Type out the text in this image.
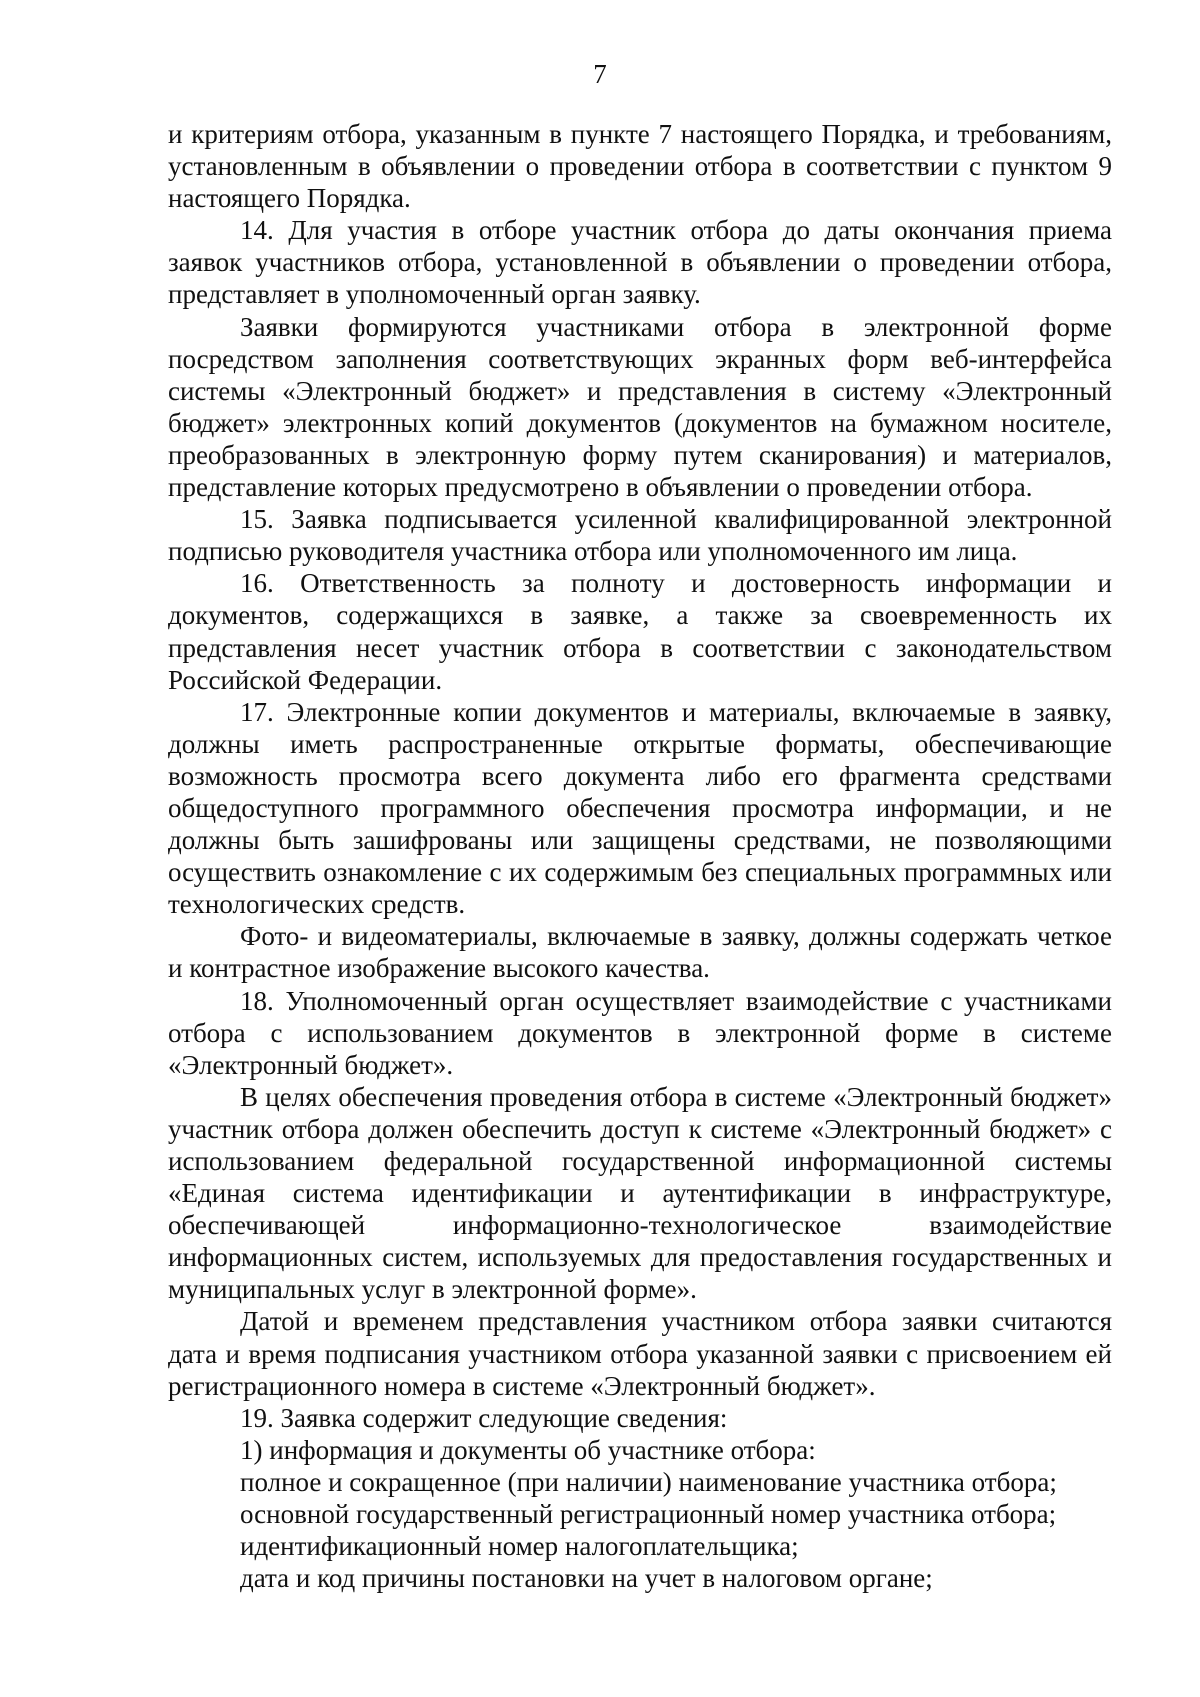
7

и критериям отбора, указанным в пункте 7 настоящего Порядка, и требованиям, установленным в объявлении о проведении отбора в соответствии с пунктом 9 настоящего Порядка.

14. Для участия в отборе участник отбора до даты окончания приема заявок участников отбора, установленной в объявлении о проведении отбора, представляет в уполномоченный орган заявку.

Заявки формируются участниками отбора в электронной форме посредством заполнения соответствующих экранных форм веб-интерфейса системы «Электронный бюджет» и представления в систему «Электронный бюджет» электронных копий документов (документов на бумажном носителе, преобразованных в электронную форму путем сканирования) и материалов, представление которых предусмотрено в объявлении о проведении отбора.

15. Заявка подписывается усиленной квалифицированной электронной подписью руководителя участника отбора или уполномоченного им лица.

16. Ответственность за полноту и достоверность информации и документов, содержащихся в заявке, а также за своевременность их представления несет участник отбора в соответствии с законодательством Российской Федерации.

17. Электронные копии документов и материалы, включаемые в заявку, должны иметь распространенные открытые форматы, обеспечивающие возможность просмотра всего документа либо его фрагмента средствами общедоступного программного обеспечения просмотра информации, и не должны быть зашифрованы или защищены средствами, не позволяющими осуществить ознакомление с их содержимым без специальных программных или технологических средств.

Фото- и видеоматериалы, включаемые в заявку, должны содержать четкое и контрастное изображение высокого качества.

18. Уполномоченный орган осуществляет взаимодействие с участниками отбора с использованием документов в электронной форме в системе «Электронный бюджет».

В целях обеспечения проведения отбора в системе «Электронный бюджет» участник отбора должен обеспечить доступ к системе «Электронный бюджет» с использованием федеральной государственной информационной системы «Единая система идентификации и аутентификации в инфраструктуре, обеспечивающей информационно-технологическое взаимодействие информационных систем, используемых для предоставления государственных и муниципальных услуг в электронной форме».

Датой и временем представления участником отбора заявки считаются дата и время подписания участником отбора указанной заявки с присвоением ей регистрационного номера в системе «Электронный бюджет».

19. Заявка содержит следующие сведения:

1) информация и документы об участнике отбора:

полное и сокращенное (при наличии) наименование участника отбора;

основной государственный регистрационный номер участника отбора;

идентификационный номер налогоплательщика;

дата и код причины постановки на учет в налоговом органе;
